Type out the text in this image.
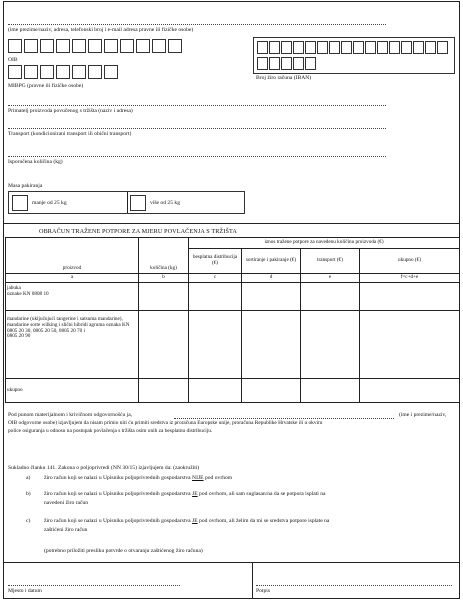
(ime prezime/naziv, adresa, telefonski broj i e-mail adresa pravne ili fizičke osobe)
OIB
MIBPG (pravne ili fizičke osobe)
Broj žiro računa (IBAN)
Primatelj proizvoda povučenog s tržišta (naziv i adresa)
Transport (kondicionirani transport ili obični transport)
Isporučena količina (kg)
Masa pakiranja
manje od 25 kg	više od 25 kg
OBRAČUN TRAŽENE POTPORE ZA MJERU POVLAČENJA S TRŽIŠTA
proizvod	količina (kg)	iznos tražene potpore za navedenu količinu proizvoda (€)			
		besplatna distribucija (€)	sortiranje i pakiranje (€)	transport (€)	ukupno (€)
a	b	c	d	e	f=c+d+e
jabuka
oznake KN 0808 10					
mandarine (uključujući tangerine i satsuma mandarine), mandarine sorte wilking i slični hibridi agruma oznaka KN 0805 20 30, 0805 20 50, 0805 20 70 i
0805 20 90					
ukupno					
Pod punom materijalnom i krivičnom odgovornošću ja,	(ime i prezime/naziv,
OIB odgovorne osobe) izjavljujem da nisam primio niti ću primiti sredstva iz proračuna Europske unije, proračuna Republike Hrvatske ili u okviru
police osiguranja u odnosu na postupak povlačenja s tržišta osim onih za besplatnu distribuciju.
Sukladno članku 141. Zakona o poljoprivredi (NN 30/15) izjavljujem da: (zaokružiti)
a) žiro račun koji se nalazi u Upisniku poljoprivrednih gospodarstva NIJE pod ovrhom
b) žiro račun koji se nalazi u Upisniku poljoprivrednih gospodarstva JE pod ovrhom, ali sam suglasan/na da se potpora isplati na
navedeni žiro račun
c) žiro račun koji se nalazi u Upisniku poljoprivrednih gospodarstva JE pod ovrhom, ali želim da mi se sredstva potpore isplate na
zaštićeni žiro račun
(potrebno priložiti presliku potvrde o otvaranju zaštićenog žiro računa)
Mjesto i datum	Potpis
